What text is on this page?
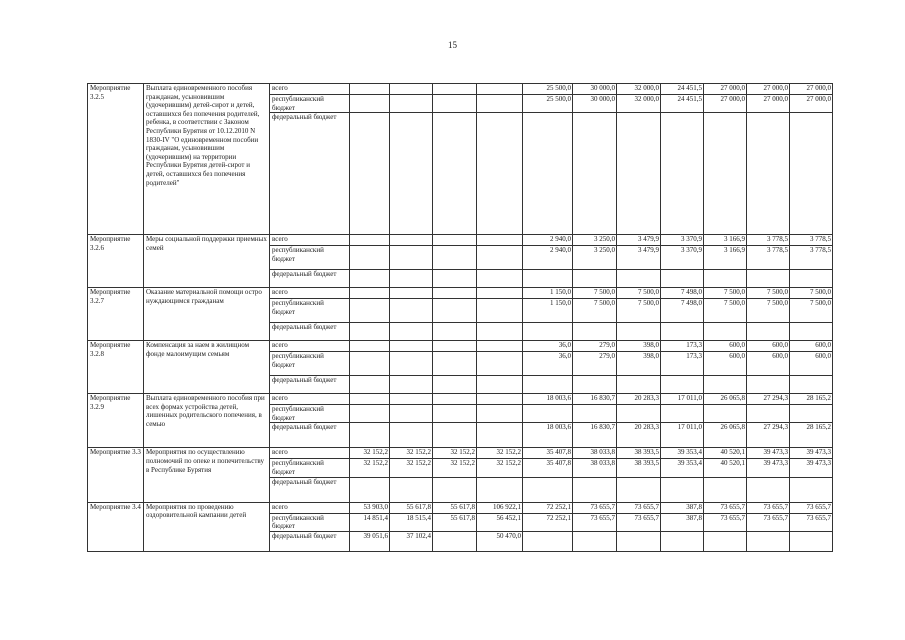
15
Мероприятие 3.2.5	Выплата единовременного пособия гражданам, усыновившим (удочерившим) детей-сирот и детей, оставшихся без попечения родителей, ребенка, в соответствии с Законом Республики Бурятия от 10.12.2010 N 1830-IV "О единовременном пособии гражданам, усыновившим (удочерившим) на территории Республики Бурятия детей-сирот и детей, оставшихся без попечения родителей"	всего					25 500,0	30 000,0	32 000,0	24 451,5	27 000,0	27 000,0	27 000,0
		республиканский бюджет					25 500,0	30 000,0	32 000,0	24 451,5	27 000,0	27 000,0	27 000,0
		федеральный бюджет											
Мероприятие 3.2.6	Меры социальной поддержки приемных семей	всего					2 940,0	3 250,0	3 479,9	3 370,9	3 166,9	3 778,5	3 778,5
		республиканский бюджет					2 940,0	3 250,0	3 479,9	3 370,9	3 166,9	3 778,5	3 778,5
		федеральный бюджет											
Мероприятие 3.2.7	Оказание материальной помощи остро нуждающимся гражданам	всего					1 150,0	7 500,0	7 500,0	7 498,0	7 500,0	7 500,0	7 500,0
		республиканский бюджет					1 150,0	7 500,0	7 500,0	7 498,0	7 500,0	7 500,0	7 500,0
		федеральный бюджет											
Мероприятие 3.2.8	Компенсация за наем в жилищном фонде малоимущим семьям	всего					36,0	279,0	398,0	173,3	600,0	600,0	600,0
		республиканский бюджет					36,0	279,0	398,0	173,3	600,0	600,0	600,0
		федеральный бюджет											
Мероприятие 3.2.9	Выплата единовременного пособия при всех формах устройства детей, лишенных родительского попечения, в семью	всего					18 003,6	16 830,7	20 283,3	17 011,0	26 065,8	27 294,3	28 165,2
		республиканский бюджет											
		федеральный бюджет					18 003,6	16 830,7	20 283,3	17 011,0	26 065,8	27 294,3	28 165,2
Мероприятие 3.3	Мероприятия по осуществлению полномочий по опеке и попечительству в Республике Бурятия	всего	32 152,2	32 152,2	32 152,2	32 152,2	35 407,8	38 033,8	38 393,5	39 353,4	40 520,1	39 473,3	39 473,3
		республиканский бюджет	32 152,2	32 152,2	32 152,2	32 152,2	35 407,8	38 033,8	38 393,5	39 353,4	40 520,1	39 473,3	39 473,3
		федеральный бюджет											
Мероприятие 3.4	Мероприятия по проведению оздоровительной кампании детей	всего	53 903,0	55 617,8	55 617,8	106 922,1	72 252,1	73 655,7	73 655,7	387,8	73 655,7	73 655,7	73 655,7
		республиканский бюджет	14 851,4	18 515,4	55 617,8	56 452,1	72 252,1	73 655,7	73 655,7	387,8	73 655,7	73 655,7	73 655,7
		федеральный бюджет	39 051,6	37 102,4		50 470,0							
